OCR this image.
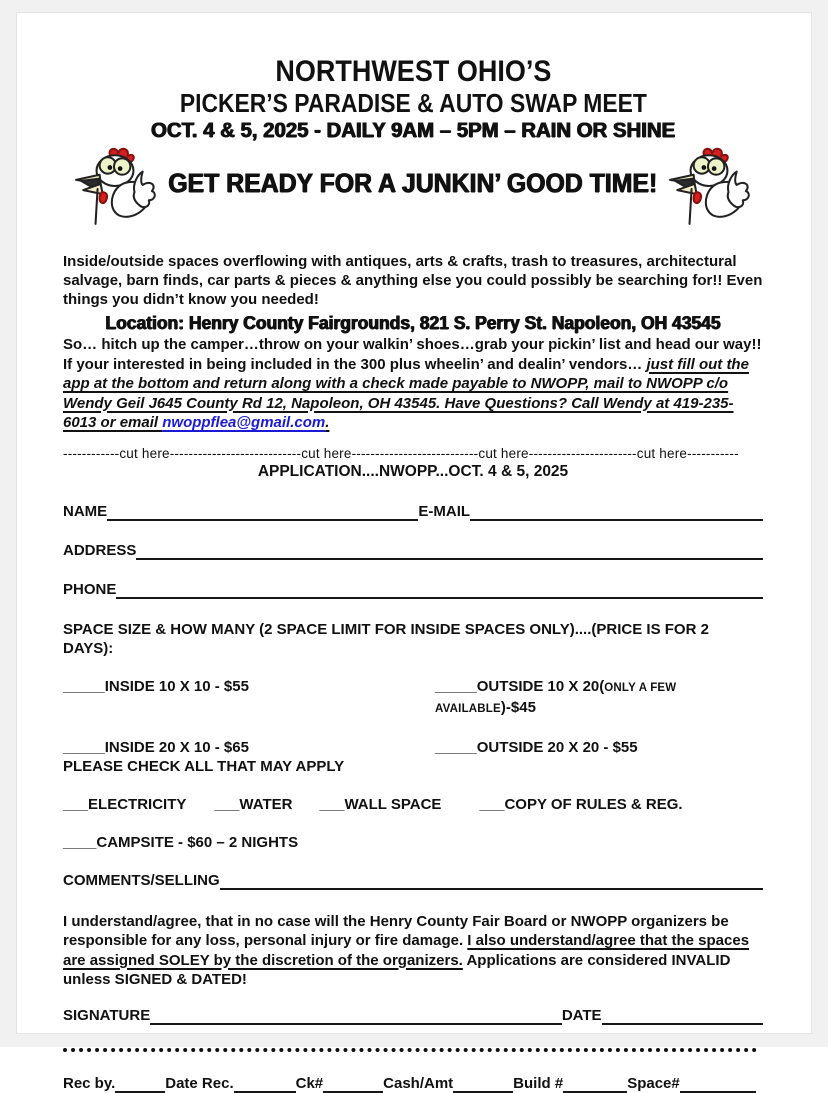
NORTHWEST OHIO’S
PICKER’S PARADISE & AUTO SWAP MEET
OCT. 4 & 5, 2025 - DAILY 9AM – 5PM – RAIN OR SHINE
GET READY FOR A JUNKIN’ GOOD TIME!

Inside/outside spaces overflowing with antiques, arts & crafts, trash to treasures, architectural salvage, barn finds, car parts & pieces & anything else you could possibly be searching for!! Even things you didn’t know you needed!

Location: Henry County Fairgrounds, 821 S. Perry St. Napoleon, OH 43545

So… hitch up the camper…throw on your walkin’ shoes…grab your pickin’ list and head our way!! If your interested in being included in the 300 plus wheelin’ and dealin’ vendors… just fill out the app at the bottom and return along with a check made payable to NWOPP, mail to NWOPP c/o Wendy Geil J645 County Rd 12, Napoleon, OH 43545. Have Questions? Call Wendy at 419-235-6013 or email nwoppflea@gmail.com.

------------cut here----------------------------cut here---------------------------cut here-----------------------cut here-----------
APPLICATION....NWOPP...OCT. 4 & 5, 2025
NAME	E-MAIL
ADDRESS
PHONE
SPACE SIZE & HOW MANY (2 SPACE LIMIT FOR INSIDE SPACES ONLY)....(PRICE IS FOR 2 DAYS):
_____INSIDE 10 X 10 - $55	_____OUTSIDE 10 X 20(ONLY A FEW AVAILABLE)-$45
_____INSIDE 20 X 10 - $65	_____OUTSIDE 20 X 20 - $55
PLEASE CHECK ALL THAT MAY APPLY
___ELECTRICITY ___WATER ___WALL SPACE	___COPY OF RULES & REG.
____CAMPSITE - $60 – 2 NIGHTS
COMMENTS/SELLING

I understand/agree, that in no case will the Henry County Fair Board or NWOPP organizers be responsible for any loss, personal injury or fire damage. I also understand/agree that the spaces are assigned SOLEY by the discretion of the organizers. Applications are considered INVALID unless SIGNED & DATED!

SIGNATURE	DATE
Rec by.	Date Rec.	Ck#	Cash/Amt	Build #	Space#
